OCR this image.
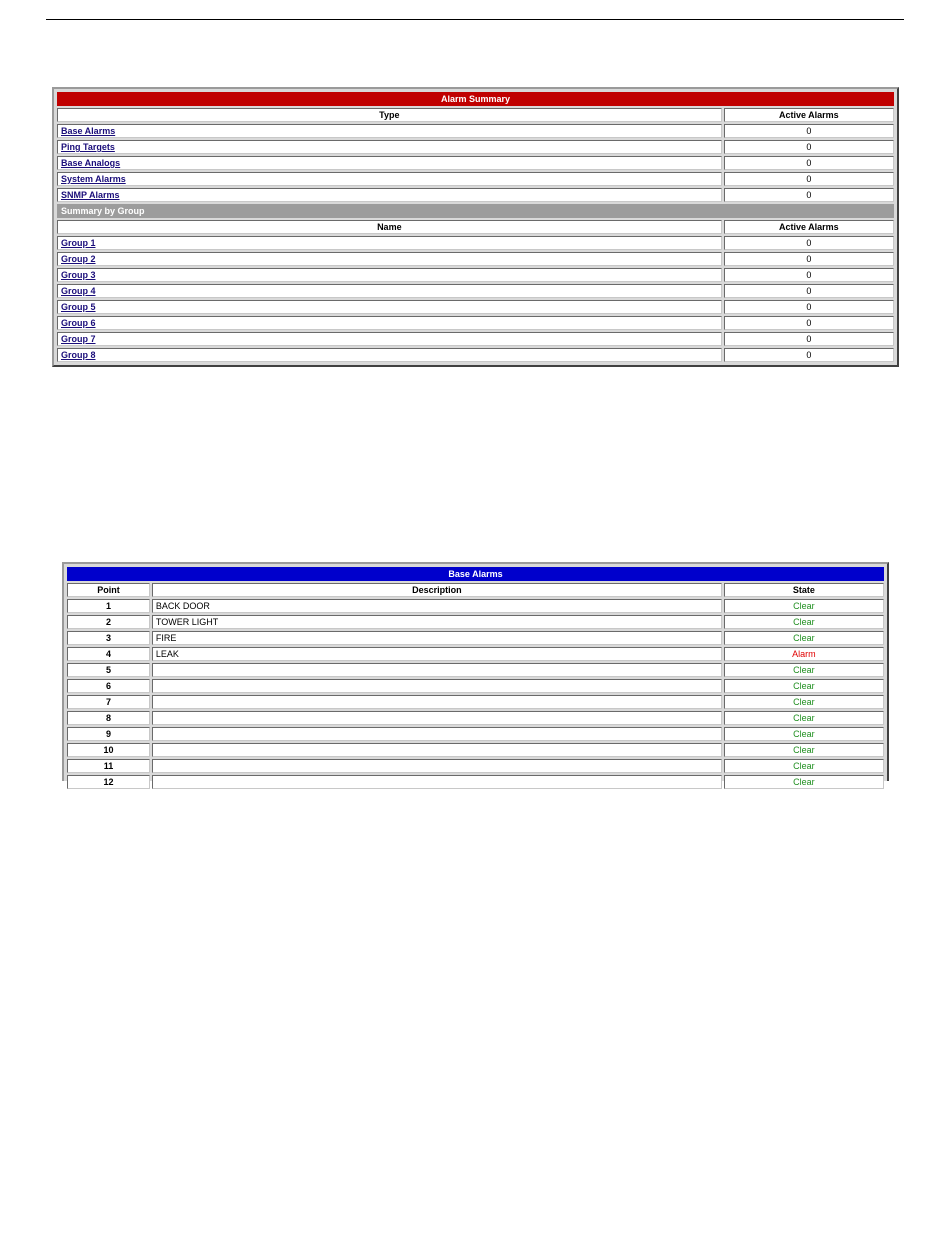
Alarm Summary	
Type	Active Alarms
Base Alarms	0
Ping Targets	0
Base Analogs	0
System Alarms	0
SNMP Alarms	0
Summary by Group	
Name	Active Alarms
Group 1	0
Group 2	0
Group 3	0
Group 4	0
Group 5	0
Group 6	0
Group 7	0
Group 8	0
Base Alarms		
Point	Description	State
1	BACK DOOR	Clear
2	TOWER LIGHT	Clear
3	FIRE	Clear
4	LEAK	Alarm
5		Clear
6		Clear
7		Clear
8		Clear
9		Clear
10		Clear
11		Clear
12		Clear
